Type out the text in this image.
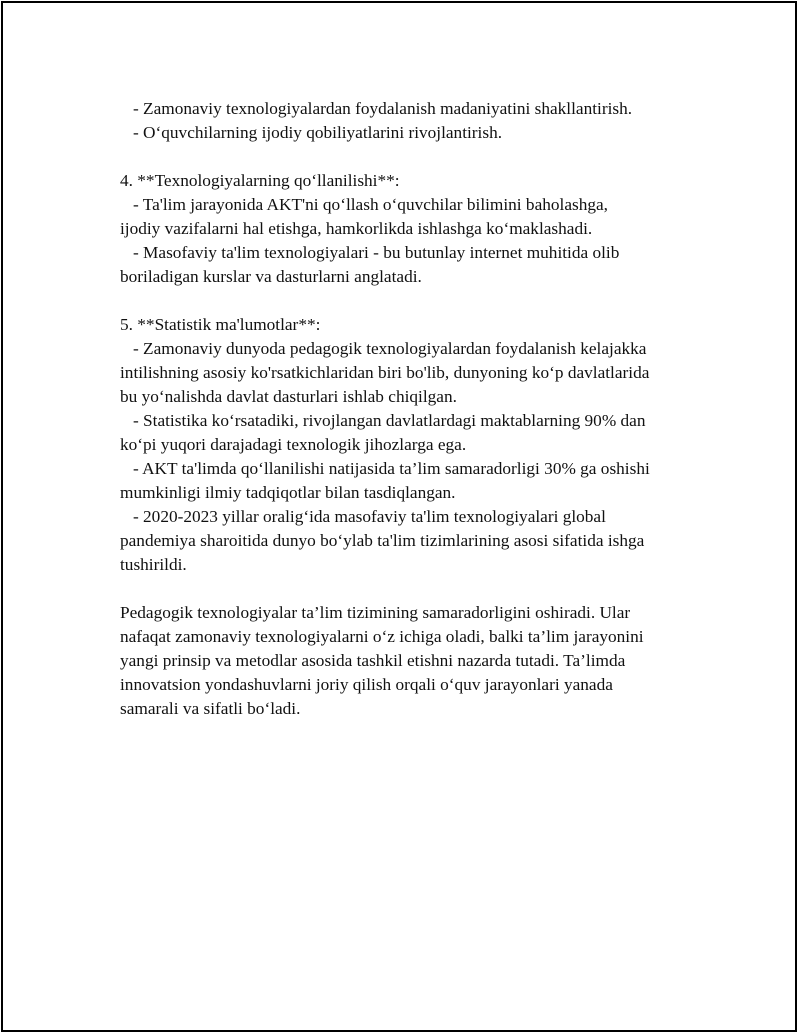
- Zamonaviy texnologiyalardan foydalanish madaniyatini shakllantirish.
- O‘quvchilarning ijodiy qobiliyatlarini rivojlantirish.
4. **Texnologiyalarning qo‘llanilishi**:
- Ta'lim jarayonida AKT'ni qo‘llash o‘quvchilar bilimini baholashga,
ijodiy vazifalarni hal etishga, hamkorlikda ishlashga ko‘maklashadi.
- Masofaviy ta'lim texnologiyalari - bu butunlay internet muhitida olib
boriladigan kurslar va dasturlarni anglatadi.
5. **Statistik ma'lumotlar**:
- Zamonaviy dunyoda pedagogik texnologiyalardan foydalanish kelajakka
intilishning asosiy ko'rsatkichlaridan biri bo'lib, dunyoning ko‘p davlatlarida
bu yo‘nalishda davlat dasturlari ishlab chiqilgan.
- Statistika ko‘rsatadiki, rivojlangan davlatlardagi maktablarning 90% dan
ko‘pi yuqori darajadagi texnologik jihozlarga ega.
- AKT ta'limda qo‘llanilishi natijasida ta’lim samaradorligi 30% ga oshishi
mumkinligi ilmiy tadqiqotlar bilan tasdiqlangan.
- 2020-2023 yillar oralig‘ida masofaviy ta'lim texnologiyalari global
pandemiya sharoitida dunyo bo‘ylab ta'lim tizimlarining asosi sifatida ishga
tushirildi.
Pedagogik texnologiyalar ta’lim tizimining samaradorligini oshiradi. Ular
nafaqat zamonaviy texnologiyalarni o‘z ichiga oladi, balki ta’lim jarayonini
yangi prinsip va metodlar asosida tashkil etishni nazarda tutadi. Ta’limda
innovatsion yondashuvlarni joriy qilish orqali o‘quv jarayonlari yanada
samarali va sifatli bo‘ladi.
